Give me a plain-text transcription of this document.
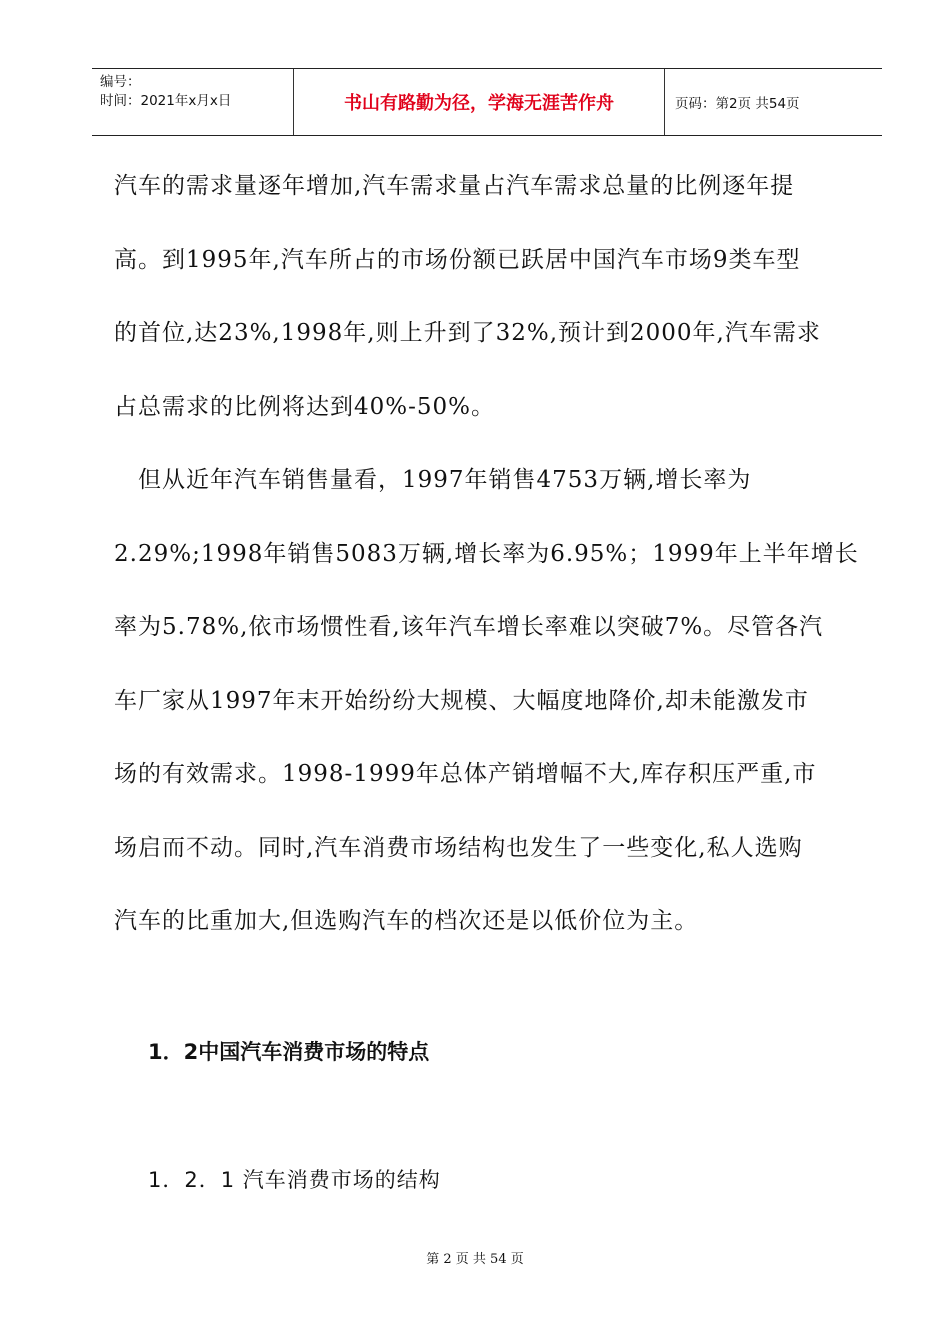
编号：
时间：2021年x月x日	书山有路勤为径，学海无涯苦作舟	页码：第2页 共54页

汽车的需求量逐年增加,汽车需求量占汽车需求总量的比例逐年提

高。到1995年,汽车所占的市场份额已跃居中国汽车市场9类车型

的首位,达23%,1998年,则上升到了32%,预计到2000年,汽车需求

占总需求的比例将达到40%-50%。

　但从近年汽车销售量看，1997年销售4753万辆,增长率为

2.29%;1998年销售5083万辆,增长率为6.95%；1999年上半年增长

率为5.78%,依市场惯性看,该年汽车增长率难以突破7%。尽管各汽

车厂家从1997年末开始纷纷大规模、大幅度地降价,却未能激发市

场的有效需求。1998-1999年总体产销增幅不大,库存积压严重,市

场启而不动。同时,汽车消费市场结构也发生了一些变化,私人选购

汽车的比重加大,但选购汽车的档次还是以低价位为主。

1．2中国汽车消费市场的特点
1．2．1 汽车消费市场的结构
第 2 页 共 54 页
